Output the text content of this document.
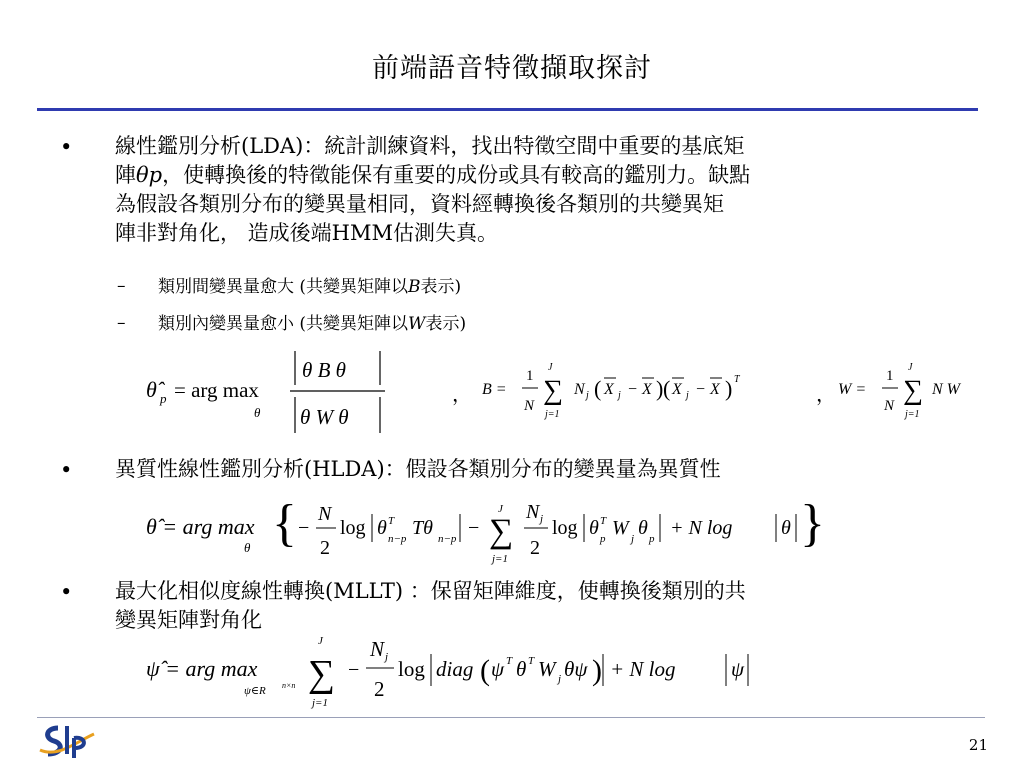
前端語音特徵擷取探討
• 線性鑑別分析(LDA)：統計訓練資料，找出特徵空間中重要的基底矩
陣θp，使轉換後的特徵能保有重要的成份或具有較高的鑑別力。缺點
為假設各類別分布的變異量相同，資料經轉換後各類別的共變異矩
陣非對角化， 造成後端HMM估測失真。
– 類別間變異量愈大 (共變異矩陣以B表示)
– 類別內變異量愈小 (共變異矩陣以W表示)
θ̂ p = arg max
θ
θ B θ
θ W θ
， B =
1
N
J
∑
j=1
N j ( X j − X ) ( X j − X ) T
， W =
1
N
J
∑
j=1
N W
• 異質性線性鑑別分析(HLDA)：假設各類別分布的變異量為異質性
θ̂ = arg max
θ { −
N
2
log θ T
n−p Tθ n−p −
J
∑
j=1
N j
2
log θ T
p W j θ p + N log θ }
• 最大化相似度線性轉換(MLLT) ：保留矩陣維度，使轉換後類別的共
變異矩陣對角化
ψ̂ = arg max
ψ∈R n×n
J
∑
j=1
−
N j
2
log diag ( ψ T θ T W j θψ ) + N log	ψ
21
